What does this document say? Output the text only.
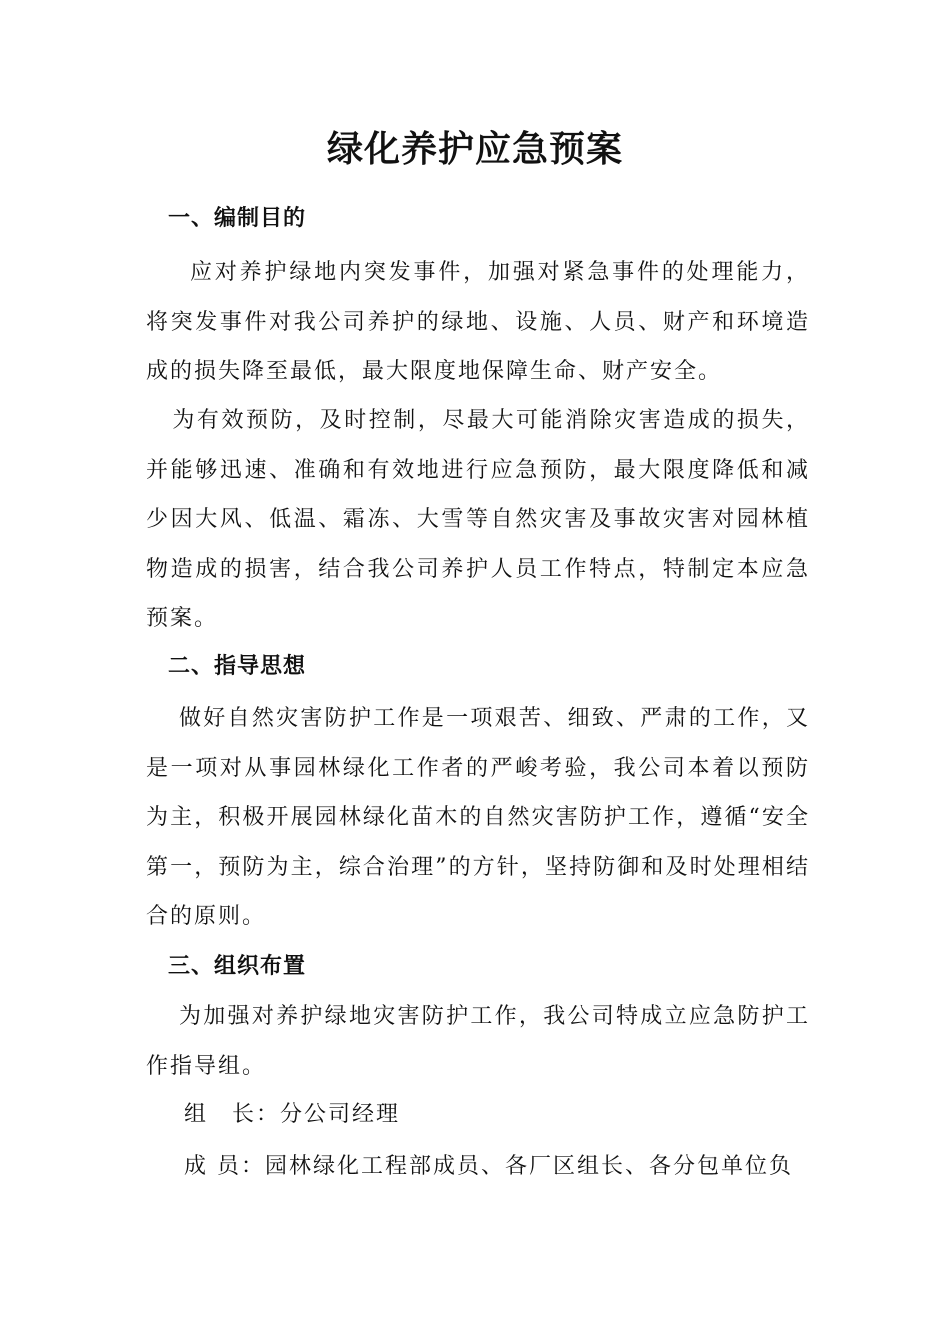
绿化养护应急预案
一、编制目的

应对养护绿地内突发事件，加强对紧急事件的处理能力，将突发事件对我公司养护的绿地、设施、人员、财产和环境造成的损失降至最低，最大限度地保障生命、财产安全。

为有效预防，及时控制，尽最大可能消除灾害造成的损失，并能够迅速、准确和有效地进行应急预防，最大限度降低和减少因大风、低温、霜冻、大雪等自然灾害及事故灾害对园林植物造成的损害，结合我公司养护人员工作特点，特制定本应急预案。

二、指导思想

做好自然灾害防护工作是一项艰苦、细致、严肃的工作，又是一项对从事园林绿化工作者的严峻考验，我公司本着以预防为主，积极开展园林绿化苗木的自然灾害防护工作，遵循“安全第一，预防为主，综合治理”的方针，坚持防御和及时处理相结合的原则。

三、组织布置

为加强对养护绿地灾害防护工作，我公司特成立应急防护工作指导组。

组　长：分公司经理
成 员：园林绿化工程部成员、各厂区组长、各分包单位负
